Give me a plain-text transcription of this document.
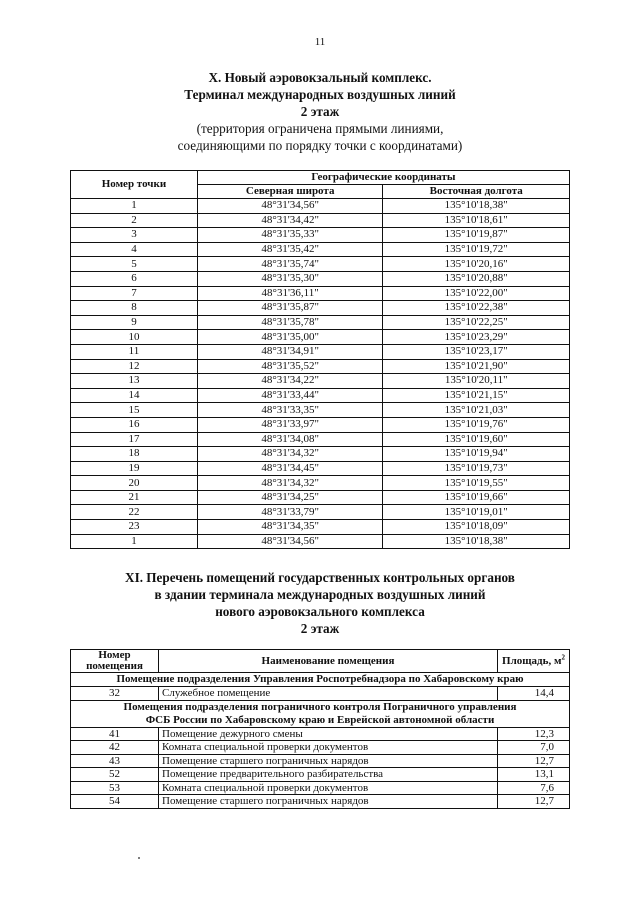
11
X. Новый аэровокзальный комплекс.
Терминал международных воздушных линий
2 этаж
(территория ограничена прямыми линиями,
соединяющими по порядку точки с координатами)
Номер точки	Географические координаты	
	Северная широта	Восточная долгота
1	48°31'34,56"	135°10'18,38"
2	48°31'34,42"	135°10'18,61"
3	48°31'35,33"	135°10'19,87"
4	48°31'35,42"	135°10'19,72"
5	48°31'35,74"	135°10'20,16"
6	48°31'35,30"	135°10'20,88"
7	48°31'36,11"	135°10'22,00"
8	48°31'35,87"	135°10'22,38"
9	48°31'35,78"	135°10'22,25"
10	48°31'35,00"	135°10'23,29"
11	48°31'34,91"	135°10'23,17"
12	48°31'35,52"	135°10'21,90"
13	48°31'34,22"	135°10'20,11"
14	48°31'33,44"	135°10'21,15"
15	48°31'33,35"	135°10'21,03"
16	48°31'33,97"	135°10'19,76"
17	48°31'34,08"	135°10'19,60"
18	48°31'34,32"	135°10'19,94"
19	48°31'34,45"	135°10'19,73"
20	48°31'34,32"	135°10'19,55"
21	48°31'34,25"	135°10'19,66"
22	48°31'33,79"	135°10'19,01"
23	48°31'34,35"	135°10'18,09"
1	48°31'34,56"	135°10'18,38"
XI. Перечень помещений государственных контрольных органов
в здании терминала международных воздушных линий
нового аэровокзального комплекса
2 этаж
Номер
помещения	Наименование помещения	Площадь, $м^2$
Помещение подразделения Управления Роспотребнадзора по Хабаровскому краю		
32	Служебное помещение	14,4
Помещения подразделения пограничного контроля Пограничного управления
ФСБ России по Хабаровскому краю и Еврейской автономной области		
41	Помещение дежурного смены	12,3
42	Комната специальной проверки документов	7,0
43	Помещение старшего пограничных нарядов	12,7
52	Помещение предварительного разбирательства	13,1
53	Комната специальной проверки документов	7,6
54	Помещение старшего пограничных нарядов	12,7
